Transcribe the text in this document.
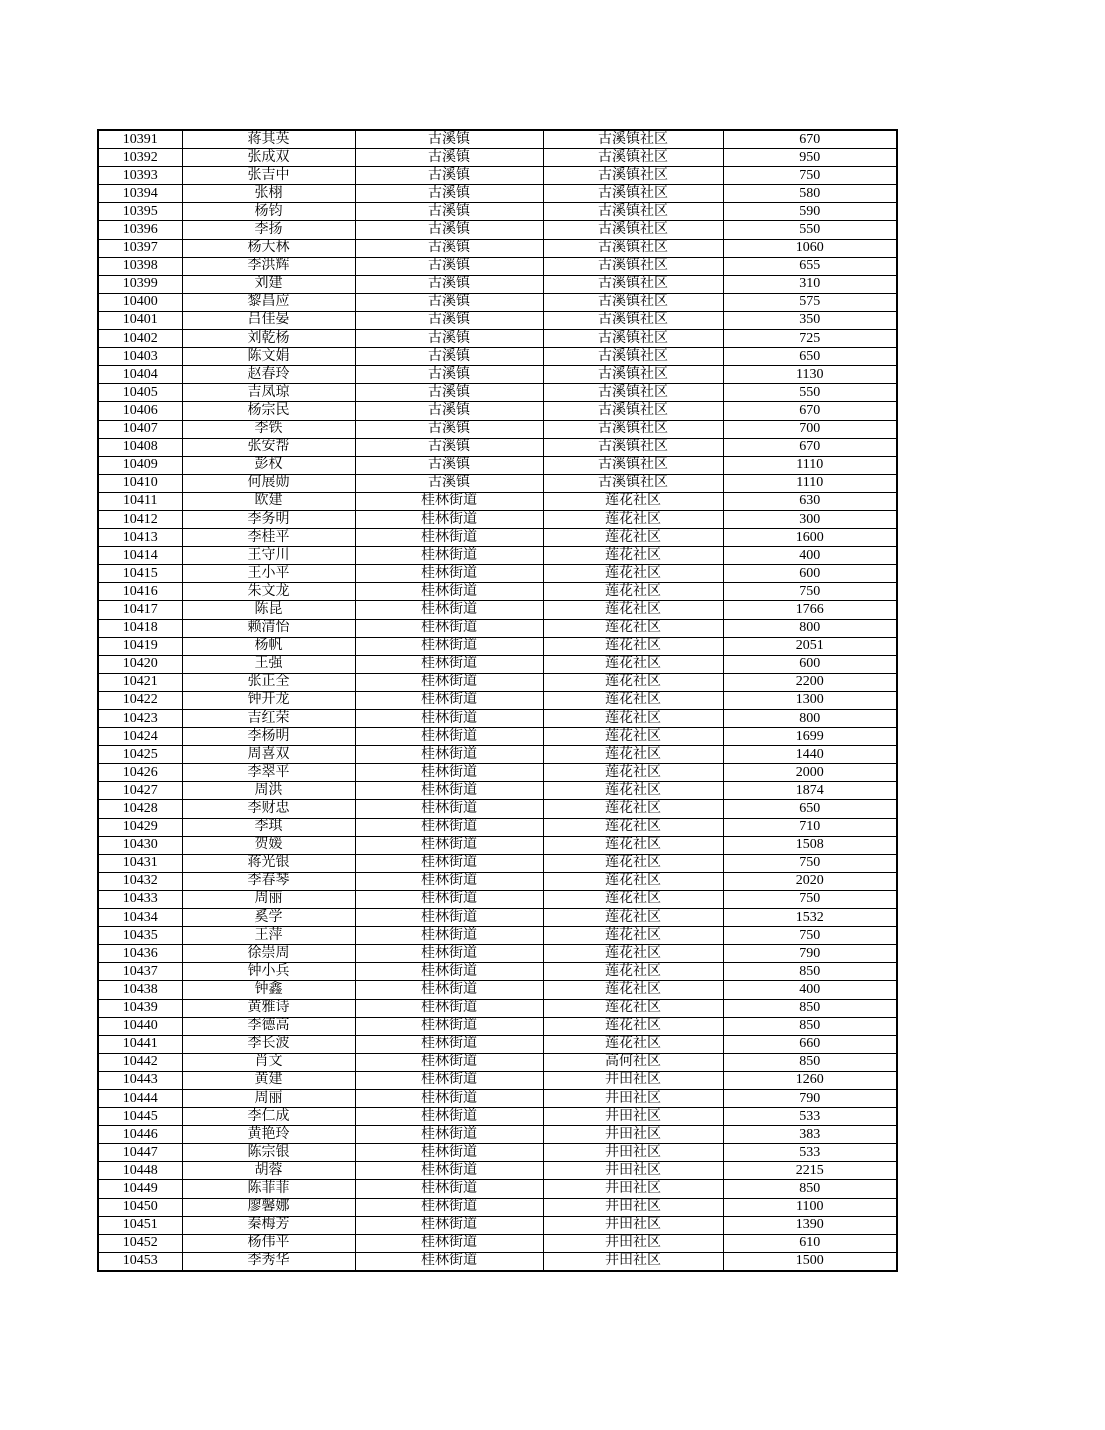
10391	蒋其英	古溪镇	古溪镇社区	670
10392	张成双	古溪镇	古溪镇社区	950
10393	张吉中	古溪镇	古溪镇社区	750
10394	张栩	古溪镇	古溪镇社区	580
10395	杨钧	古溪镇	古溪镇社区	590
10396	李扬	古溪镇	古溪镇社区	550
10397	杨大林	古溪镇	古溪镇社区	1060
10398	李洪辉	古溪镇	古溪镇社区	655
10399	刘建	古溪镇	古溪镇社区	310
10400	黎昌应	古溪镇	古溪镇社区	575
10401	吕佳晏	古溪镇	古溪镇社区	350
10402	刘乾杨	古溪镇	古溪镇社区	725
10403	陈文娟	古溪镇	古溪镇社区	650
10404	赵春玲	古溪镇	古溪镇社区	1130
10405	吉凤琼	古溪镇	古溪镇社区	550
10406	杨宗民	古溪镇	古溪镇社区	670
10407	李铁	古溪镇	古溪镇社区	700
10408	张安帮	古溪镇	古溪镇社区	670
10409	彭权	古溪镇	古溪镇社区	1110
10410	何展勋	古溪镇	古溪镇社区	1110
10411	欧建	桂林街道	莲花社区	630
10412	李务明	桂林街道	莲花社区	300
10413	李桂平	桂林街道	莲花社区	1600
10414	王守川	桂林街道	莲花社区	400
10415	王小平	桂林街道	莲花社区	600
10416	朱文龙	桂林街道	莲花社区	750
10417	陈昆	桂林街道	莲花社区	1766
10418	赖清怡	桂林街道	莲花社区	800
10419	杨帆	桂林街道	莲花社区	2051
10420	王强	桂林街道	莲花社区	600
10421	张正全	桂林街道	莲花社区	2200
10422	钟开龙	桂林街道	莲花社区	1300
10423	吉红荣	桂林街道	莲花社区	800
10424	李杨明	桂林街道	莲花社区	1699
10425	周喜双	桂林街道	莲花社区	1440
10426	李翠平	桂林街道	莲花社区	2000
10427	周洪	桂林街道	莲花社区	1874
10428	李财忠	桂林街道	莲花社区	650
10429	李琪	桂林街道	莲花社区	710
10430	贺媛	桂林街道	莲花社区	1508
10431	蒋光银	桂林街道	莲花社区	750
10432	李春琴	桂林街道	莲花社区	2020
10433	周丽	桂林街道	莲花社区	750
10434	奚学	桂林街道	莲花社区	1532
10435	王萍	桂林街道	莲花社区	750
10436	徐崇周	桂林街道	莲花社区	790
10437	钟小兵	桂林街道	莲花社区	850
10438	钟鑫	桂林街道	莲花社区	400
10439	黄雅诗	桂林街道	莲花社区	850
10440	李德高	桂林街道	莲花社区	850
10441	李长波	桂林街道	莲花社区	660
10442	肖文	桂林街道	高何社区	850
10443	黄建	桂林街道	井田社区	1260
10444	周丽	桂林街道	井田社区	790
10445	李仁成	桂林街道	井田社区	533
10446	黄艳玲	桂林街道	井田社区	383
10447	陈宗银	桂林街道	井田社区	533
10448	胡蓉	桂林街道	井田社区	2215
10449	陈菲菲	桂林街道	井田社区	850
10450	廖馨娜	桂林街道	井田社区	1100
10451	秦梅芳	桂林街道	井田社区	1390
10452	杨伟平	桂林街道	井田社区	610
10453	李秀华	桂林街道	井田社区	1500
